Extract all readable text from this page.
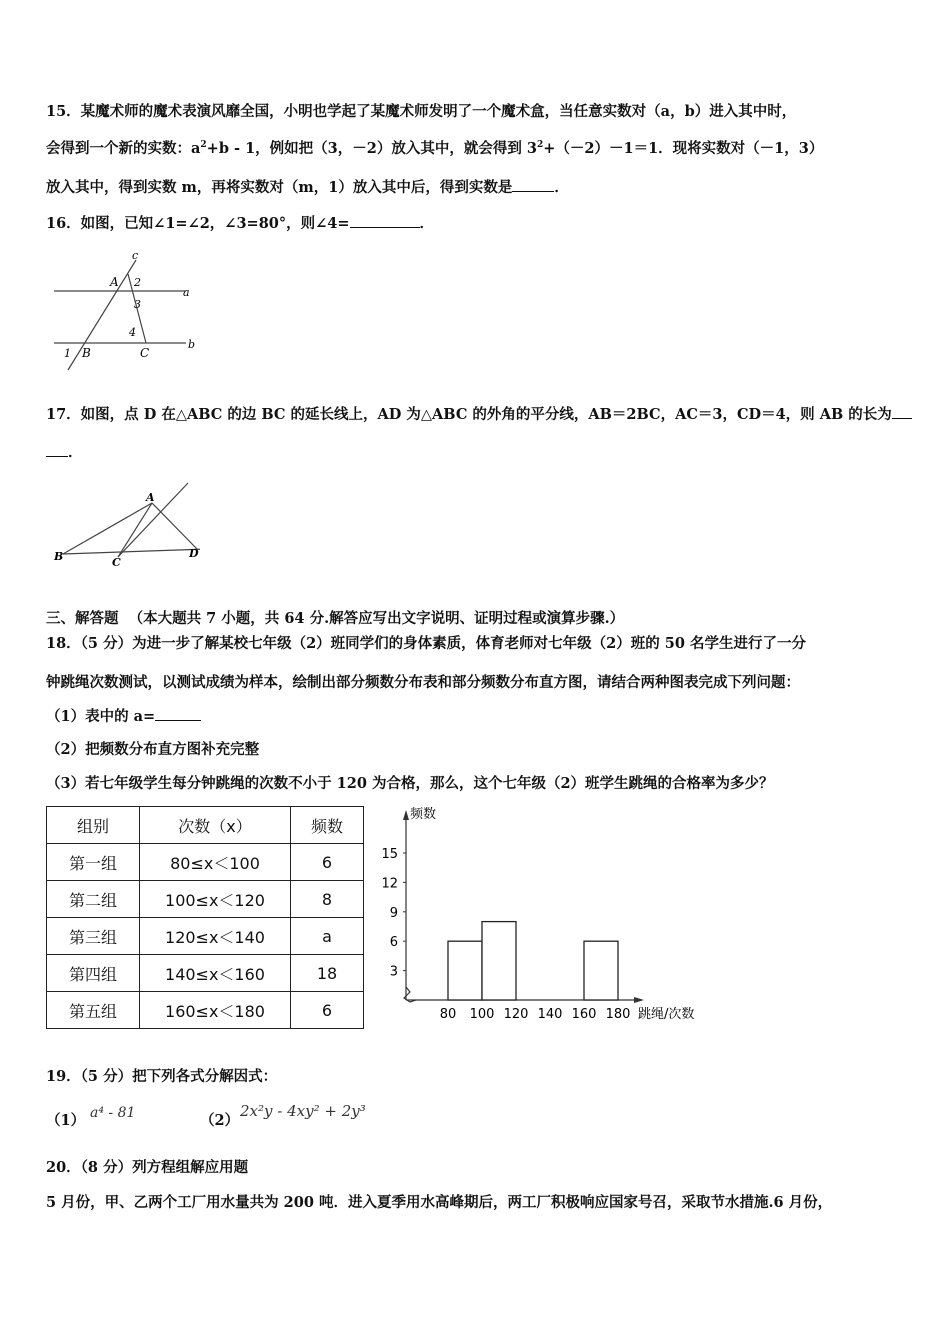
15．某魔术师的魔术表演风靡全国，小明也学起了某魔术师发明了一个魔术盒，当任意实数对（a，b）进入其中时，
会得到一个新的实数：$a^2+b - 1$，例如把（3，－2）放入其中，就会得到 $3^2+(-2)-1=1$．现将实数对（－1，3）
放入其中，得到实数 m，再将实数对（m，1）放入其中后，得到实数是	．
16．如图，已知∠1=∠2，∠3=80°，则∠4=	．
c
A 2
3
a
4
1 B	C
b
17．如图，点 D 在△ABC 的边 BC 的延长线上，AD 为△ABC 的外角的平分线，AB＝2BC，AC＝3，CD＝4，则 AB 的长为
．
A
B	C
D
三、解答题 （本大题共 7 小题，共 64 分.解答应写出文字说明、证明过程或演算步骤.）
18．（5 分）为进一步了解某校七年级（2）班同学们的身体素质，体育老师对七年级（2）班的 50 名学生进行了一分
钟跳绳次数测试，以测试成绩为样本，绘制出部分频数分布表和部分频数分布直方图，请结合两种图表完成下列问题：
（1）表中的 a=
（2）把频数分布直方图补充完整
（3）若七年级学生每分钟跳绳的次数不小于 120 为合格，那么，这个七年级（2）班学生跳绳的合格率为多少？
组别	次数（x）	频数
第一组	80≤x＜100	6
第二组	100≤x＜120	8
第三组	120≤x＜140	a
第四组	140≤x＜160	18
第五组	160≤x＜180	6
频数
跳绳/次数
3
6
9
12
15
80 100 120 140 160 180
19．（5 分）把下列各式分解因式：
（1） a⁴ - 81	（2）
2x²y - 4xy² + 2y³
20．（8 分）列方程组解应用题
5 月份，甲、乙两个工厂用水量共为 200 吨．进入夏季用水高峰期后，两工厂积极响应国家号召，采取节水措施.6 月份，
